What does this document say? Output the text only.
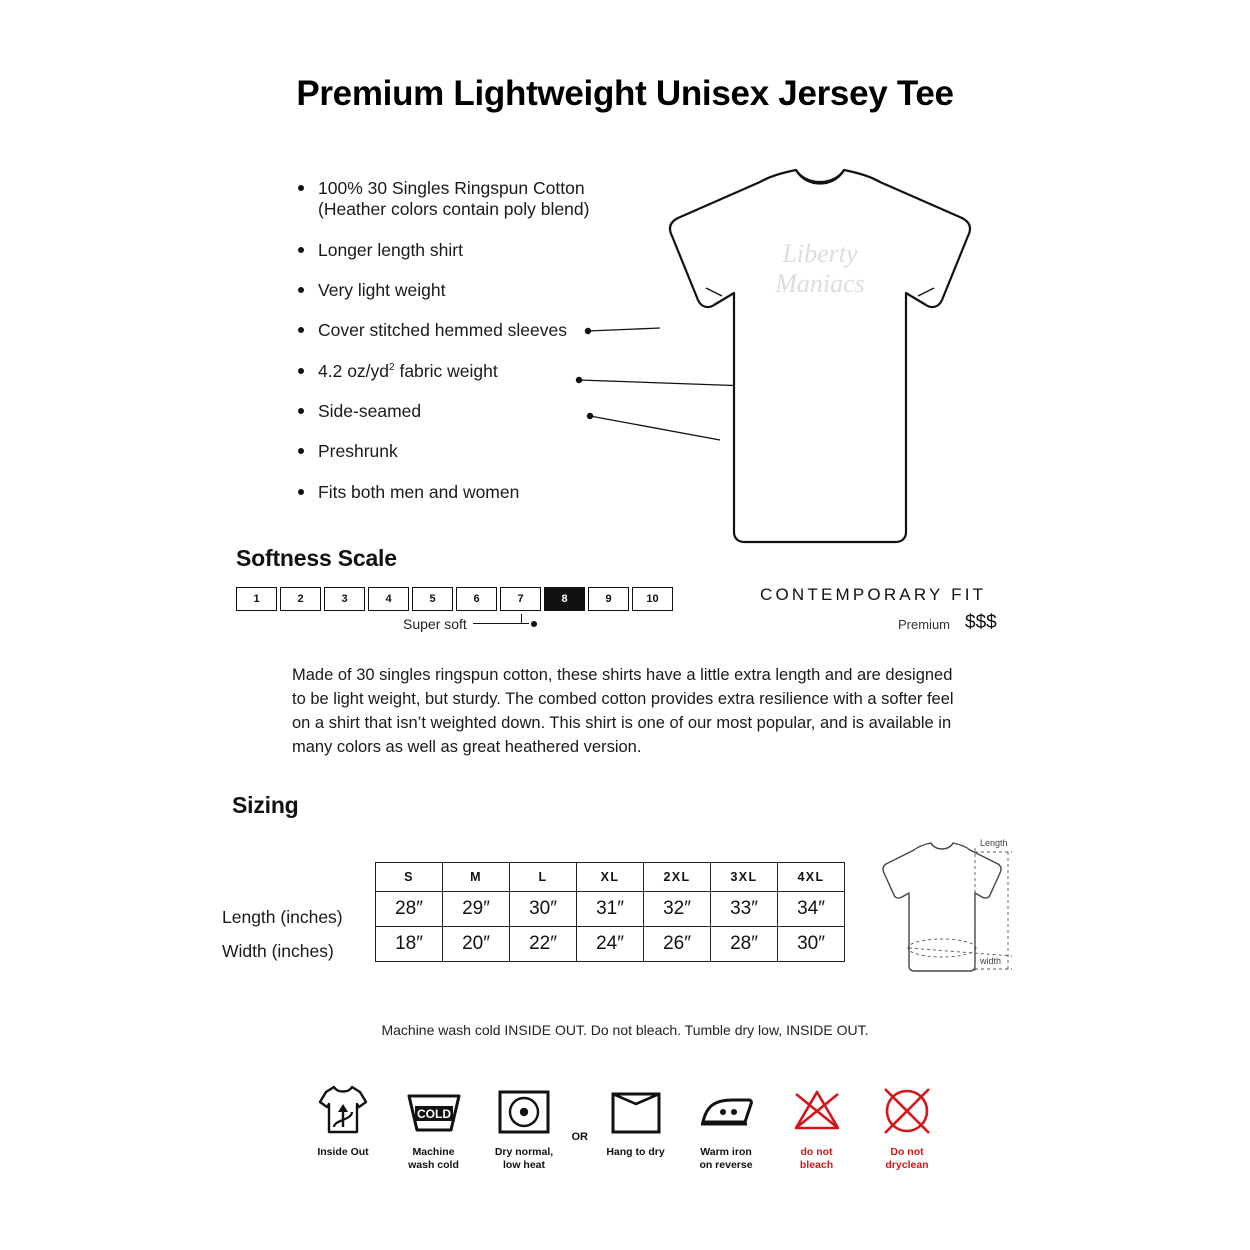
Premium Lightweight Unisex Jersey Tee
100% 30 Singles Ringspun Cotton
(Heather colors contain poly blend)
Longer length shirt
Very light weight
Cover stitched hemmed sleeves
4.2 $oz/yd^2$ fabric weight
Side-seamed
Preshrunk
Fits both men and women
Liberty
Maniacs
Softness Scale
1	2	3	4	5	6	7	8	9	10
Super soft
CONTEMPORARY FIT
Premium $$$
Made of 30 singles ringspun cotton, these shirts have a little extra length and are designed to be light weight, but sturdy. The combed cotton provides extra resilience with a softer feel on a shirt that isn’t weighted down. This shirt is one of our most popular, and is available in many colors as well as great heathered version.
Sizing
Length (inches)
Width (inches)
S	M	L	XL	2XL	3XL	4XL
28″	29″	30″	31″	32″	33″	34″
18″	20″	22″	24″	26″	28″	30″
Length
width
Machine wash cold INSIDE OUT. Do not bleach. Tumble dry low, INSIDE OUT.
Inside Out
COLD
Machine
wash cold
Dry normal,
low heat
OR
Hang to dry	Warm iron
on reverse
do not
bleach
Do not
dryclean
